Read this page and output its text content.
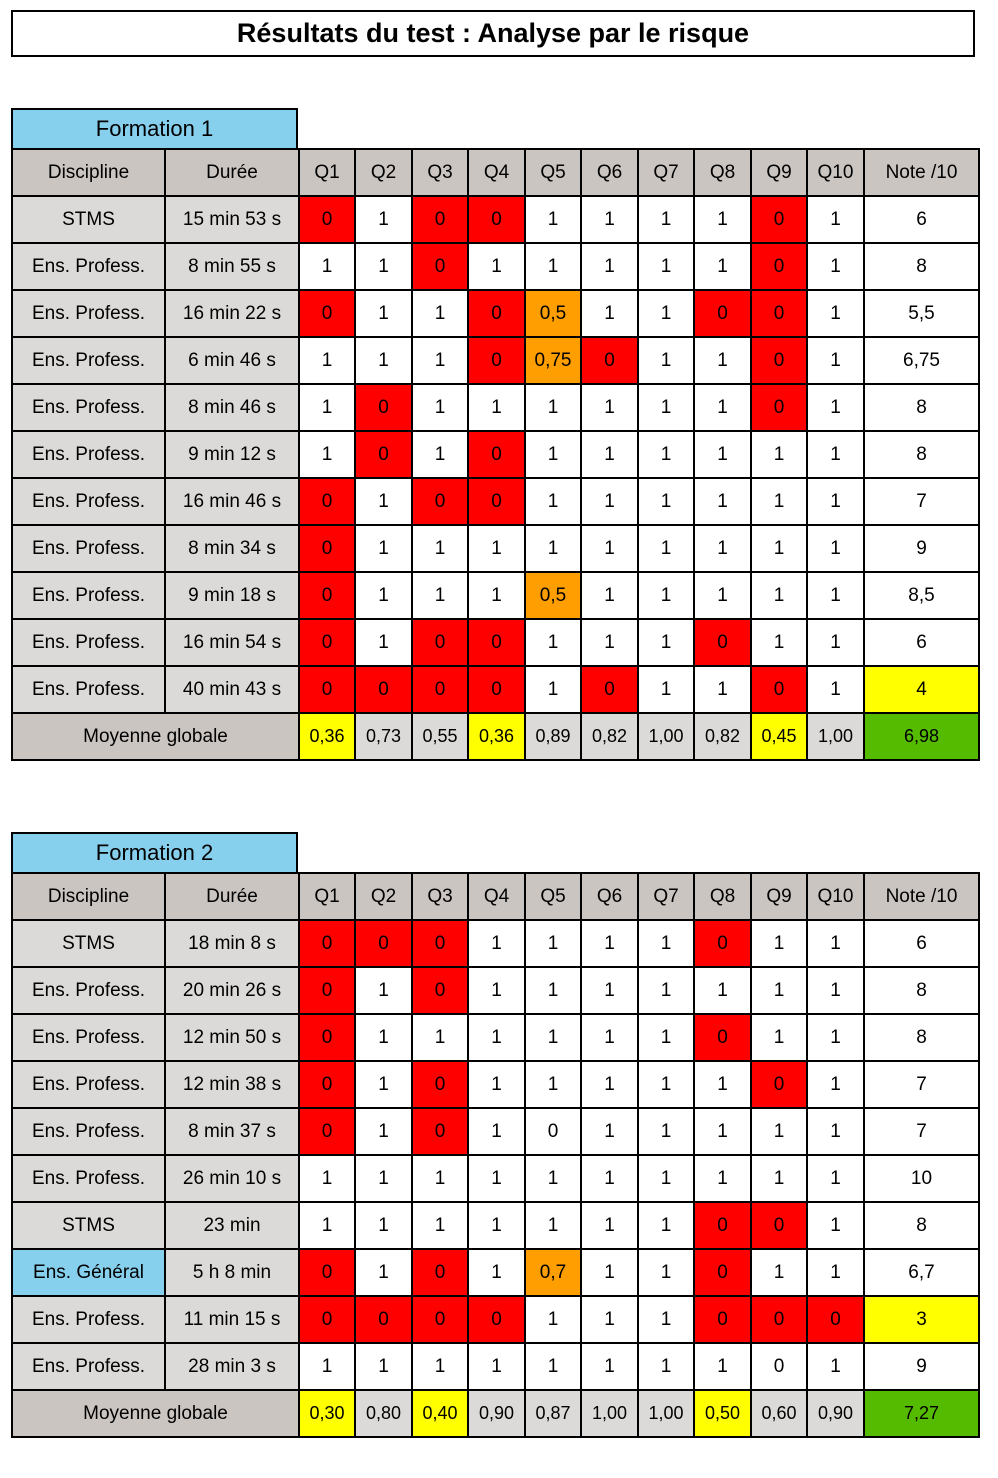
Résultats du test : Analyse par le risque
Formation 1
Discipline	Durée	Q1	Q2	Q3	Q4	Q5	Q6	Q7	Q8	Q9	Q10	Note /10
STMS	15 min 53 s	0	1	0	0	1	1	1	1	0	1	6
Ens. Profess.	8 min 55 s	1	1	0	1	1	1	1	1	0	1	8
Ens. Profess.	16 min 22 s	0	1	1	0	0,5	1	1	0	0	1	5,5
Ens. Profess.	6 min 46 s	1	1	1	0	0,75	0	1	1	0	1	6,75
Ens. Profess.	8 min 46 s	1	0	1	1	1	1	1	1	0	1	8
Ens. Profess.	9 min 12 s	1	0	1	0	1	1	1	1	1	1	8
Ens. Profess.	16 min 46 s	0	1	0	0	1	1	1	1	1	1	7
Ens. Profess.	8 min 34 s	0	1	1	1	1	1	1	1	1	1	9
Ens. Profess.	9 min 18 s	0	1	1	1	0,5	1	1	1	1	1	8,5
Ens. Profess.	16 min 54 s	0	1	0	0	1	1	1	0	1	1	6
Ens. Profess.	40 min 43 s	0	0	0	0	1	0	1	1	0	1	4
Moyenne globale		0,36	0,73	0,55	0,36	0,89	0,82	1,00	0,82	0,45	1,00	6,98
Formation 2
Discipline	Durée	Q1	Q2	Q3	Q4	Q5	Q6	Q7	Q8	Q9	Q10	Note /10
STMS	18 min 8 s	0	0	0	1	1	1	1	0	1	1	6
Ens. Profess.	20 min 26 s	0	1	0	1	1	1	1	1	1	1	8
Ens. Profess.	12 min 50 s	0	1	1	1	1	1	1	0	1	1	8
Ens. Profess.	12 min 38 s	0	1	0	1	1	1	1	1	0	1	7
Ens. Profess.	8 min 37 s	0	1	0	1	0	1	1	1	1	1	7
Ens. Profess.	26 min 10 s	1	1	1	1	1	1	1	1	1	1	10
STMS	23 min	1	1	1	1	1	1	1	0	0	1	8
Ens. Général	5 h 8 min	0	1	0	1	0,7	1	1	0	1	1	6,7
Ens. Profess.	11 min 15 s	0	0	0	0	1	1	1	0	0	0	3
Ens. Profess.	28 min 3 s	1	1	1	1	1	1	1	1	0	1	9
Moyenne globale		0,30	0,80	0,40	0,90	0,87	1,00	1,00	0,50	0,60	0,90	7,27
